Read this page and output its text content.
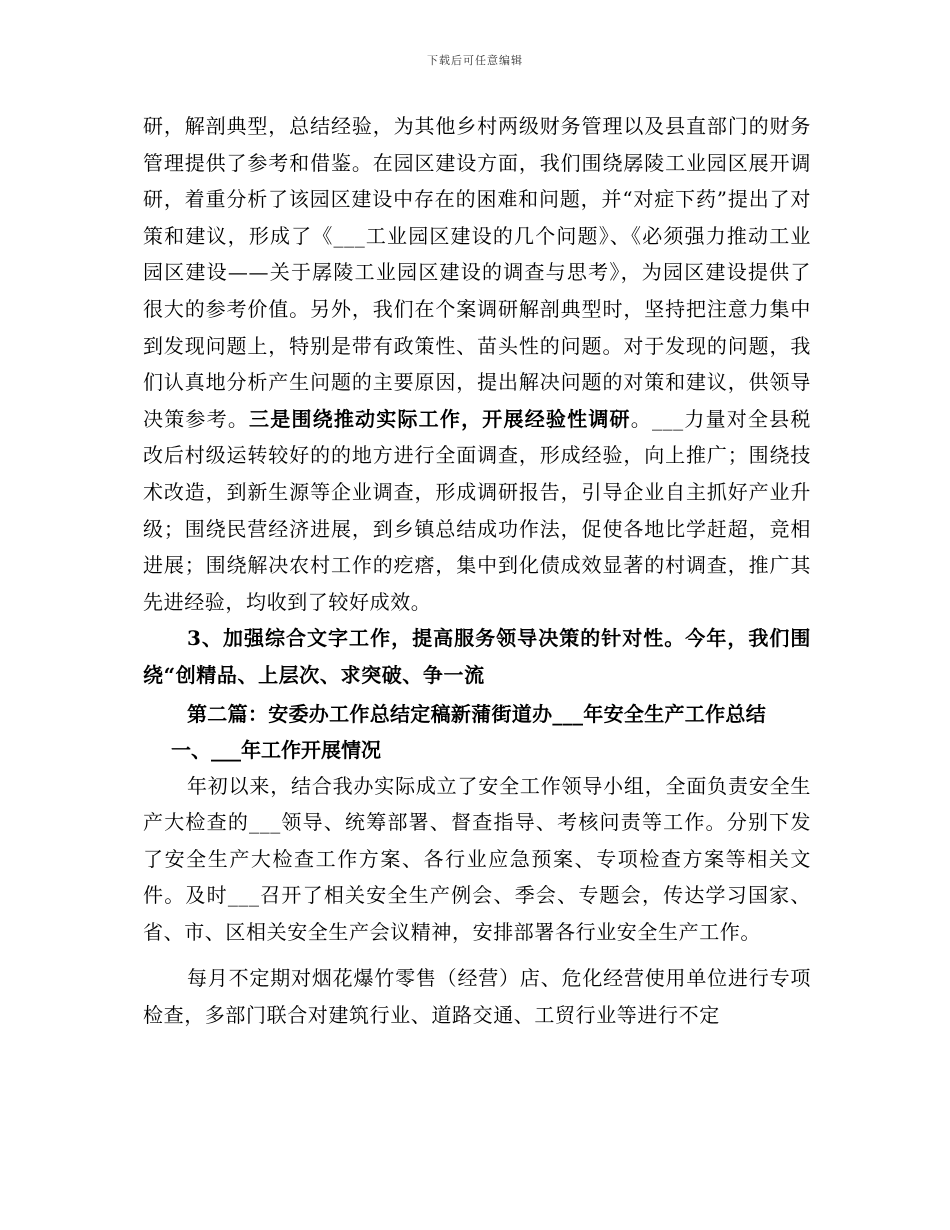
下载后可任意编辑

研，解剖典型，总结经验，为其他乡村两级财务管理以及县直部门的财务管理提供了参考和借鉴。在园区建设方面，我们围绕孱陵工业园区展开调研，着重分析了该园区建设中存在的困难和问题，并“对症下药”提出了对策和建议，形成了《___工业园区建设的几个问题》、《必须强力推动工业园区建设——关于孱陵工业园区建设的调查与思考》，为园区建设提供了很大的参考价值。另外，我们在个案调研解剖典型时，坚持把注意力集中到发现问题上，特别是带有政策性、苗头性的问题。对于发现的问题，我们认真地分析产生问题的主要原因，提出解决问题的对策和建议，供领导决策参考。三是围绕推动实际工作，开展经验性调研。___力量对全县税改后村级运转较好的的地方进行全面调查，形成经验，向上推广；围绕技术改造，到新生源等企业调查，形成调研报告，引导企业自主抓好产业升级；围绕民营经济进展，到乡镇总结成功作法，促使各地比学赶超，竞相进展；围绕解决农村工作的疙瘩，集中到化债成效显著的村调查，推广其先进经验，均收到了较好成效。

3、加强综合文字工作，提高服务领导决策的针对性。今年，我们围绕“创精品、上层次、求突破、争一流

第二篇：安委办工作总结定稿新蒲街道办___年安全生产工作总结

一、___年工作开展情况

年初以来，结合我办实际成立了安全工作领导小组，全面负责安全生产大检查的___领导、统筹部署、督查指导、考核问责等工作。分别下发了安全生产大检查工作方案、各行业应急预案、专项检查方案等相关文件。及时___召开了相关安全生产例会、季会、专题会，传达学习国家、省、市、区相关安全生产会议精神，安排部署各行业安全生产工作。

每月不定期对烟花爆竹零售（经营）店、危化经营使用单位进行专项检查，多部门联合对建筑行业、道路交通、工贸行业等进行不定
